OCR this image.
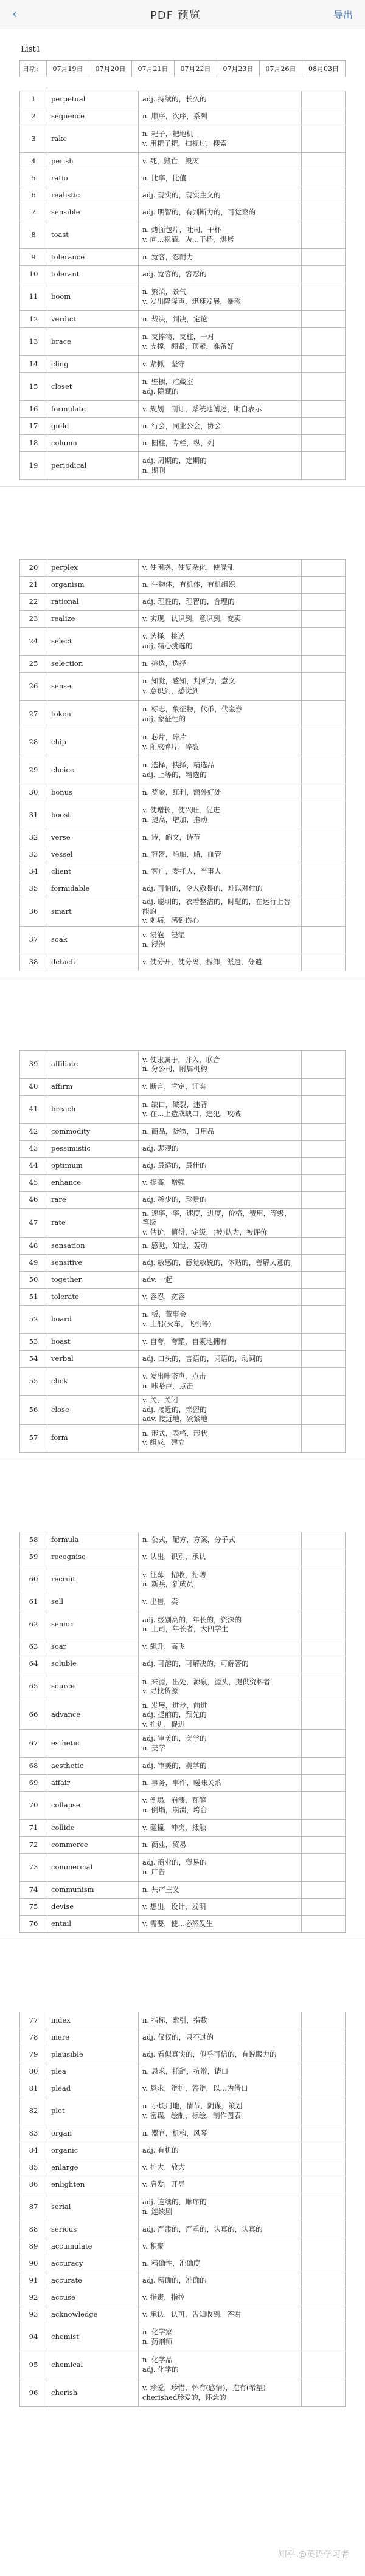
‹	PDF 预览	导出
List1
日期:	07月19日	07月20日	07月21日	07月22日	07月23日	07月26日	08月03日
1	perpetual	adj. 持续的，长久的	
2	sequence	n. 顺序，次序，系列	
3	rake	n. 耙子，耙地机
v. 用耙子耙，扫视过，搜索	
4	perish	v. 死，毁亡，毁灭	
5	ratio	n. 比率，比值	
6	realistic	adj. 现实的，现实主义的	
7	sensible	adj. 明智的，有判断力的，可觉察的	
8	toast	n. 烤面包片，吐司，干杯
v. 向…祝酒，为…干杯，烘烤	
9	tolerance	n. 宽容，忍耐力	
10	tolerant	adj. 宽容的，容忍的	
11	boom	n. 繁荣，景气
v. 发出隆隆声，迅速发展，暴涨	
12	verdict	n. 裁决，判决，定论	
13	brace	n. 支撑物，支柱，一对
v. 支撑，绷紧，顶紧，准备好	
14	cling	v. 紧抓，坚守	
15	closet	n. 壁橱，贮藏室
adj. 隐藏的	
16	formulate	v. 规划，制订，系统地阐述，明白表示	
17	guild	n. 行会，同业公会，协会	
18	column	n. 圆柱，专栏，纵，列	
19	periodical	adj. 周期的，定期的
n. 期刊	
20	perplex	v. 使困惑，使复杂化，使混乱	
21	organism	n. 生物体，有机体，有机组织	
22	rational	adj. 理性的，理智的，合理的	
23	realize	v. 实现，认识到，意识到，变卖	
24	select	v. 选择，挑选
adj. 精心挑选的	
25	selection	n. 挑选，选择	
26	sense	n. 知觉，感知，判断力，意义
v. 意识到，感觉到	
27	token	n. 标志，象征物，代币，代金券
adj. 象征性的	
28	chip	n. 芯片，碎片
v. 削成碎片，碎裂	
29	choice	n. 选择，抉择，精选品
adj. 上等的，精选的	
30	bonus	n. 奖金，红利，额外好处	
31	boost	v. 使增长，使兴旺，促进
n. 提高，增加，推动	
32	verse	n. 诗，韵文，诗节	
33	vessel	n. 容器，船舶，船，血管	
34	client	n. 客户，委托人，当事人	
35	formidable	adj. 可怕的，令人敬畏的，难以对付的	
36	smart	adj. 聪明的，衣着整洁的，时髦的，在运行上智能的
v. 刺痛，感到伤心	
37	soak	v. 浸泡，浸湿
n. 浸泡	
38	detach	v. 使分开，使分离，拆卸，派遣，分遣	
39	affiliate	v. 使隶属于，并入，联合
n. 分公司，附属机构	
40	affirm	v. 断言，肯定，证实	
41	breach	n. 缺口，破裂，违背
v. 在…上造成缺口，违犯，攻破	
42	commodity	n. 商品，货物，日用品	
43	pessimistic	adj. 悲观的	
44	optimum	adj. 最适的，最佳的	
45	enhance	v. 提高，增强	
46	rare	adj. 稀少的，珍贵的	
47	rate	n. 速率，率，速度，进度，价格，费用，等级，等级
v. 估价，值得，定级，(被)认为，被评价	
48	sensation	n. 感觉，知觉，轰动	
49	sensitive	adj. 敏感的，感觉敏锐的，体贴的，善解人意的	
50	together	adv. 一起	
51	tolerate	v. 容忍，宽容	
52	board	n. 板，董事会
v. 上船(火车，飞机等)	
53	boast	v. 自夸，夸耀，自豪地拥有	
54	verbal	adj. 口头的，言语的，词语的，动词的	
55	click	v. 发出咔嗒声，点击
n. 咔嗒声，点击	
56	close	v. 关，关闭
adj. 接近的，亲密的
adv. 接近地，紧紧地	
57	form	n. 形式，表格，形状
v. 组成，建立	
58	formula	n. 公式，配方，方案，分子式	
59	recognise	v. 认出，识别，承认	
60	recruit	v. 征募，招收，招聘
n. 新兵，新成员	
61	sell	v. 出售，卖	
62	senior	adj. 级别高的，年长的，资深的
n. 上司，年长者，大四学生	
63	soar	v. 飙升，高飞	
64	soluble	adj. 可溶的，可解决的，可解答的	
65	source	n. 来源，出处，源泉，源头，提供资料者
v. 寻找货源	
66	advance	n. 发展，进步，前进
adj. 提前的，预先的
v. 推进，促进	
67	esthetic	adj. 审美的，美学的
n. 美学	
68	aesthetic	adj. 审美的，美学的	
69	affair	n. 事务，事件，暧昧关系	
70	collapse	v. 倒塌，崩溃，瓦解
n. 倒塌，崩溃，垮台	
71	collide	v. 碰撞，冲突，抵触	
72	commerce	n. 商业，贸易	
73	commercial	adj. 商业的，贸易的
n. 广告	
74	communism	n. 共产主义	
75	devise	v. 想出，设计，发明	
76	entail	v. 需要，使…必然发生	
77	index	n. 指标，索引，指数	
78	mere	adj. 仅仅的，只不过的	
79	plausible	adj. 看似真实的，似乎可信的，有说服力的	
80	plea	n. 恳求，托辞，抗辩，请口	
81	plead	v. 恳求，辩护，答辩，以…为借口	
82	plot	n. 小块用地，情节，阴谋，策划
v. 密谋，绘制，标绘，制作图表	
83	organ	n. 器官，机构，风琴	
84	organic	adj. 有机的	
85	enlarge	v. 扩大，放大	
86	enlighten	v. 启发，开导	
87	serial	adj. 连续的，顺序的
n. 连续剧	
88	serious	adj. 严肃的，严重的，认真的，认真的	
89	accumulate	v. 积聚	
90	accuracy	n. 精确性，准确度	
91	accurate	adj. 精确的，准确的	
92	accuse	v. 指责，指控	
93	acknowledge	v. 承认，认可，告知收到，答谢	
94	chemist	n. 化学家
n. 药剂师	
95	chemical	n. 化学品
adj. 化学的	
96	cherish	v. 珍爱，珍惜，怀有(感情)，抱有(希望)
cherished珍爱的，怀念的	
知乎 @英语学习者
